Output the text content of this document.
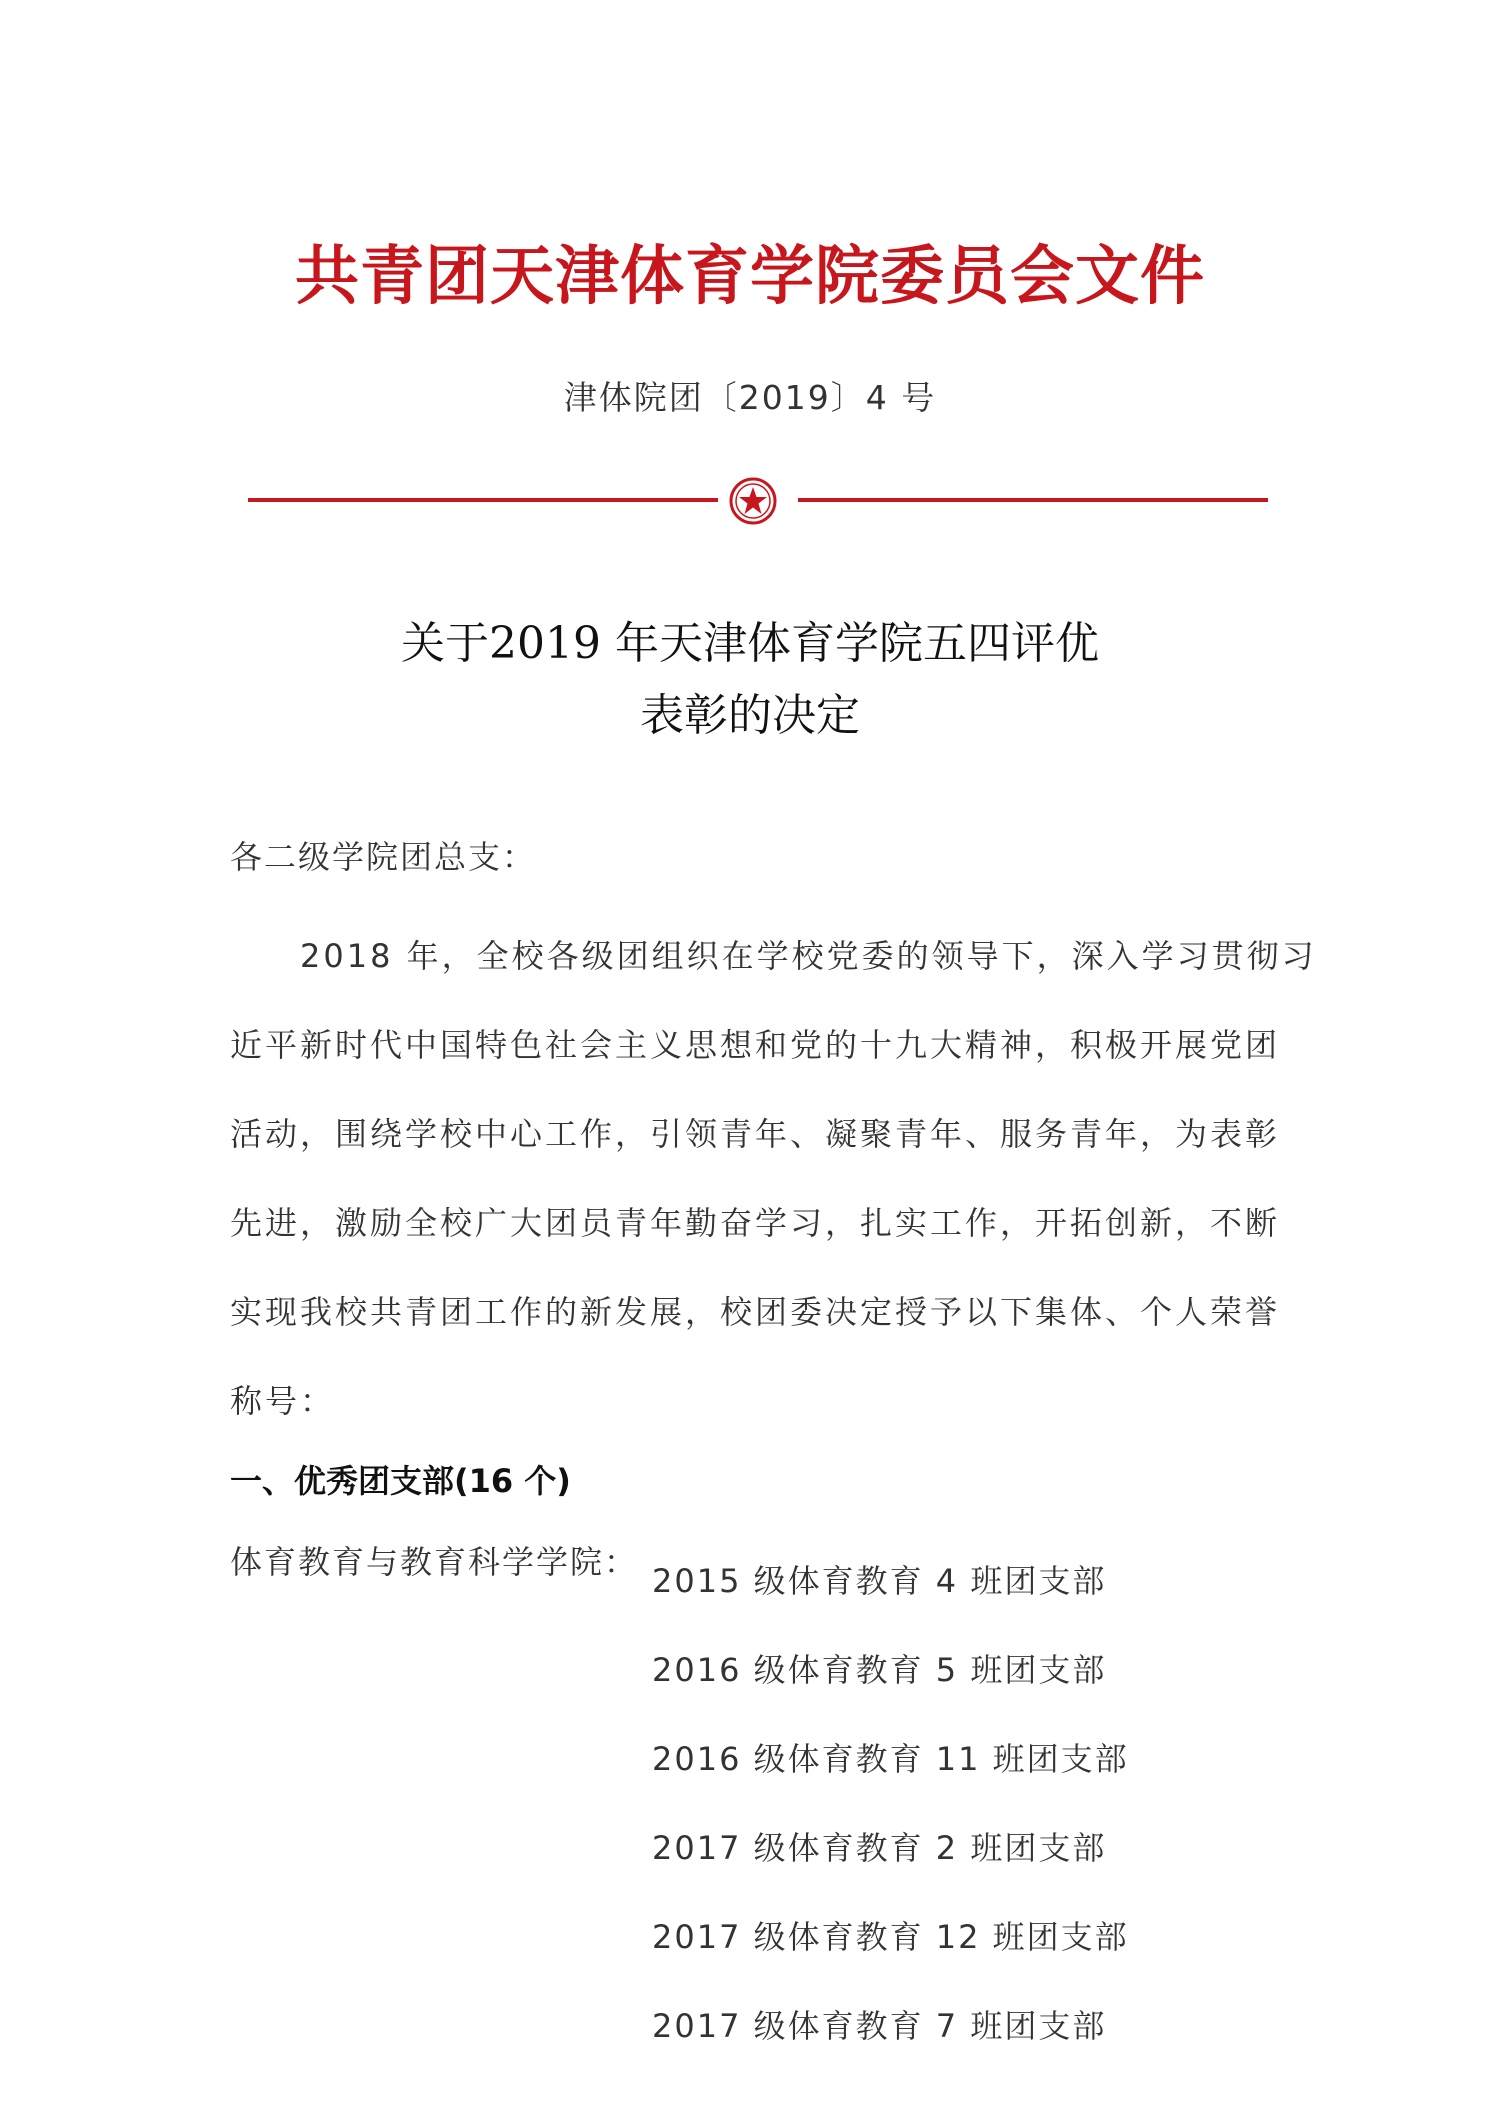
共青团天津体育学院委员会文件
津体院团〔2019〕4 号
关于2019 年天津体育学院五四评优
表彰的决定
各二级学院团总支：
　　2018 年，全校各级团组织在学校党委的领导下，深入学习贯彻习
近平新时代中国特色社会主义思想和党的十九大精神，积极开展党团
活动，围绕学校中心工作，引领青年、凝聚青年、服务青年，为表彰
先进，激励全校广大团员青年勤奋学习，扎实工作，开拓创新，不断
实现我校共青团工作的新发展，校团委决定授予以下集体、个人荣誉
称号：
一、优秀团支部(16 个)
体育教育与教育科学学院： 2015 级体育教育 4 班团支部
2016 级体育教育 5 班团支部
2016 级体育教育 11 班团支部
2017 级体育教育 2 班团支部
2017 级体育教育 12 班团支部
2017 级体育教育 7 班团支部
